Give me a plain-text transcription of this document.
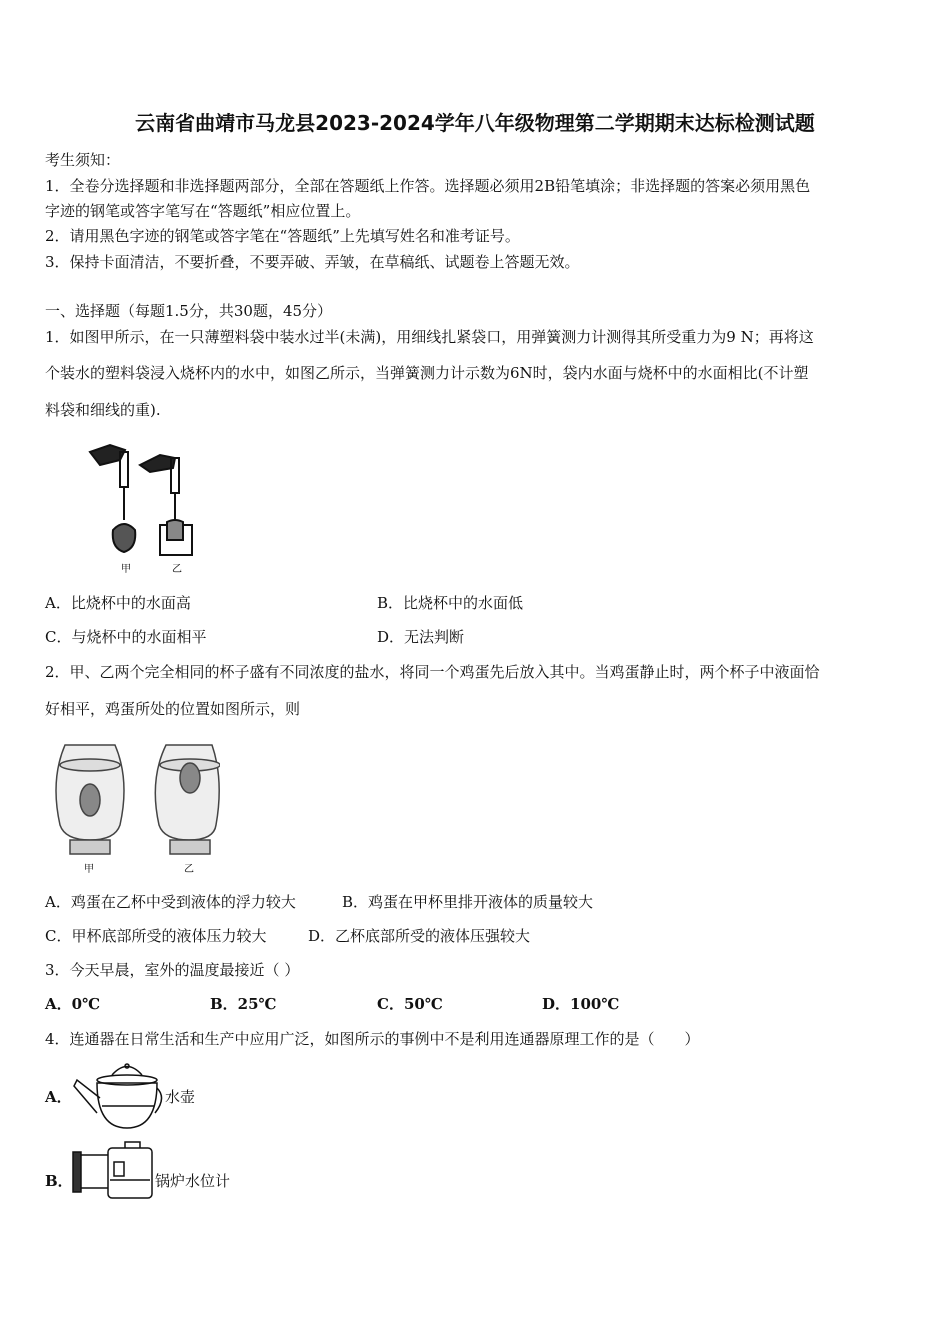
云南省曲靖市马龙县2023-2024学年八年级物理第二学期期末达标检测试题
考生须知：
1．全卷分选择题和非选择题两部分，全部在答题纸上作答。选择题必须用2B铅笔填涂；非选择题的答案必须用黑色
字迹的钢笔或答字笔写在“答题纸”相应位置上。
2．请用黑色字迹的钢笔或答字笔在“答题纸”上先填写姓名和准考证号。
3．保持卡面清洁，不要折叠，不要弄破、弄皱，在草稿纸、试题卷上答题无效。
一、选择题（每题1.5分，共30题，45分）
1．如图甲所示，在一只薄塑料袋中装水过半(未满)，用细线扎紧袋口，用弹簧测力计测得其所受重力为9 N；再将这
个装水的塑料袋浸入烧杯内的水中，如图乙所示，当弹簧测力计示数为6N时，袋内水面与烧杯中的水面相比(不计塑
料袋和细线的重).
甲	乙
A．比烧杯中的水面高	B．比烧杯中的水面低
C．与烧杯中的水面相平	D．无法判断
2．甲、乙两个完全相同的杯子盛有不同浓度的盐水，将同一个鸡蛋先后放入其中。当鸡蛋静止时，两个杯子中液面恰
好相平，鸡蛋所处的位置如图所示，则
甲	乙
A．鸡蛋在乙杯中受到液体的浮力较大	B．鸡蛋在甲杯里排开液体的质量较大
C．甲杯底部所受的液体压力较大	D．乙杯底部所受的液体压强较大
3．今天早晨，室外的温度最接近（ ）
A．0℃	B．25℃	C．50℃	D．100℃
4．连通器在日常生活和生产中应用广泛，如图所示的事例中不是利用连通器原理工作的是（　　）
A．	水壶
B．	锅炉水位计
